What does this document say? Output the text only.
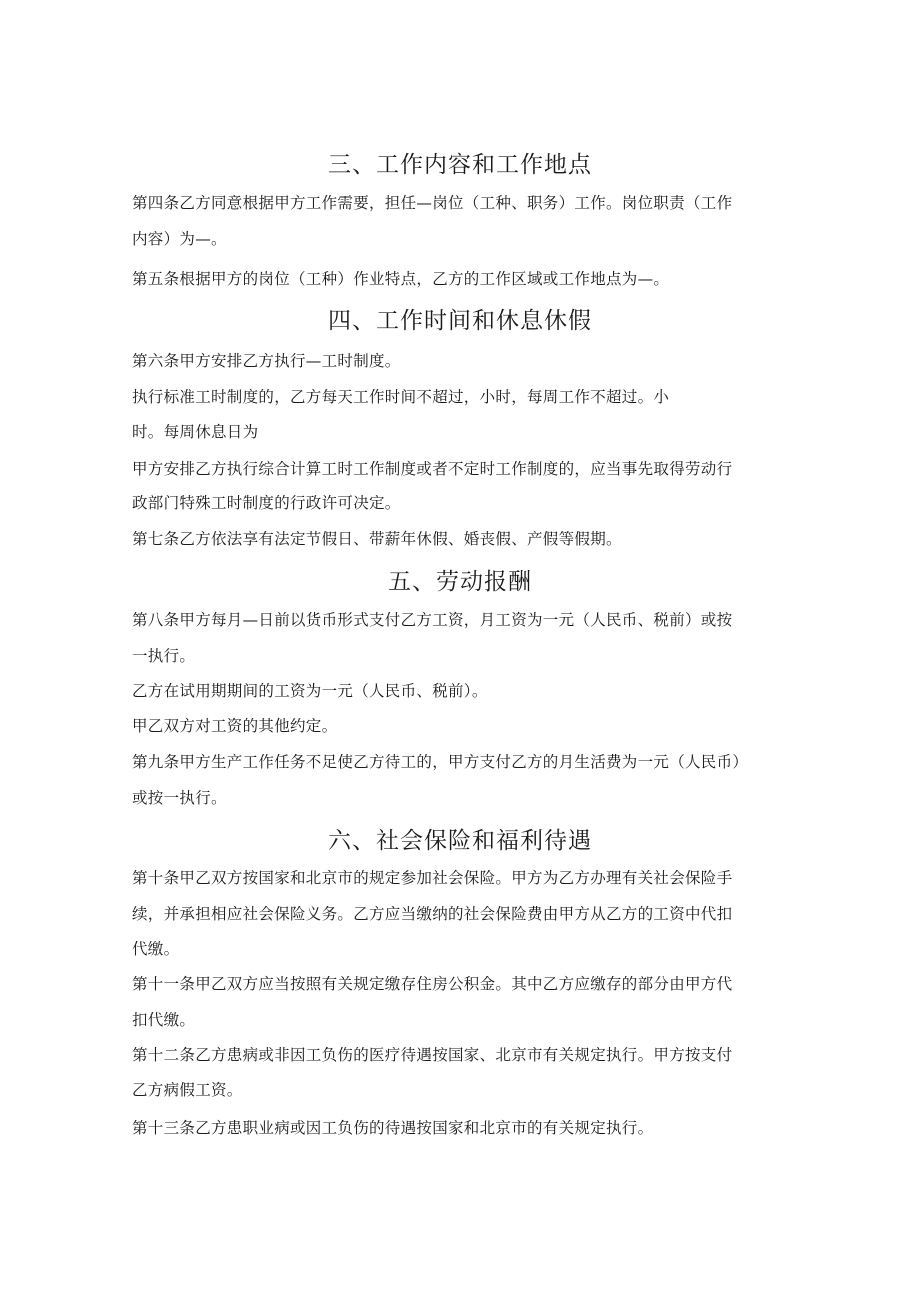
三、工作内容和工作地点
第四条乙方同意根据甲方工作需要，担任—岗位（工种、职务）工作。岗位职责（工作
内容）为—。
第五条根据甲方的岗位（工种）作业特点，乙方的工作区域或工作地点为—。
四、工作时间和休息休假
第六条甲方安排乙方执行—工时制度。
执行标准工时制度的，乙方每天工作时间不超过，小时，每周工作不超过。小
时。每周休息日为
甲方安排乙方执行综合计算工时工作制度或者不定时工作制度的，应当事先取得劳动行
政部门特殊工时制度的行政许可决定。
第七条乙方依法享有法定节假日、带薪年休假、婚丧假、产假等假期。
五、劳动报酬
第八条甲方每月—日前以货币形式支付乙方工资，月工资为一元（人民币、税前）或按
一执行。
乙方在试用期期间的工资为一元（人民币、税前）。
甲乙双方对工资的其他约定。
第九条甲方生产工作任务不足使乙方待工的，甲方支付乙方的月生活费为一元（人民币）
或按一执行。
六、社会保险和福利待遇
第十条甲乙双方按国家和北京市的规定参加社会保险。甲方为乙方办理有关社会保险手
续，并承担相应社会保险义务。乙方应当缴纳的社会保险费由甲方从乙方的工资中代扣
代缴。
第十一条甲乙双方应当按照有关规定缴存住房公积金。其中乙方应缴存的部分由甲方代
扣代缴。
第十二条乙方患病或非因工负伤的医疗待遇按国家、北京市有关规定执行。甲方按支付
乙方病假工资。
第十三条乙方患职业病或因工负伤的待遇按国家和北京市的有关规定执行。
